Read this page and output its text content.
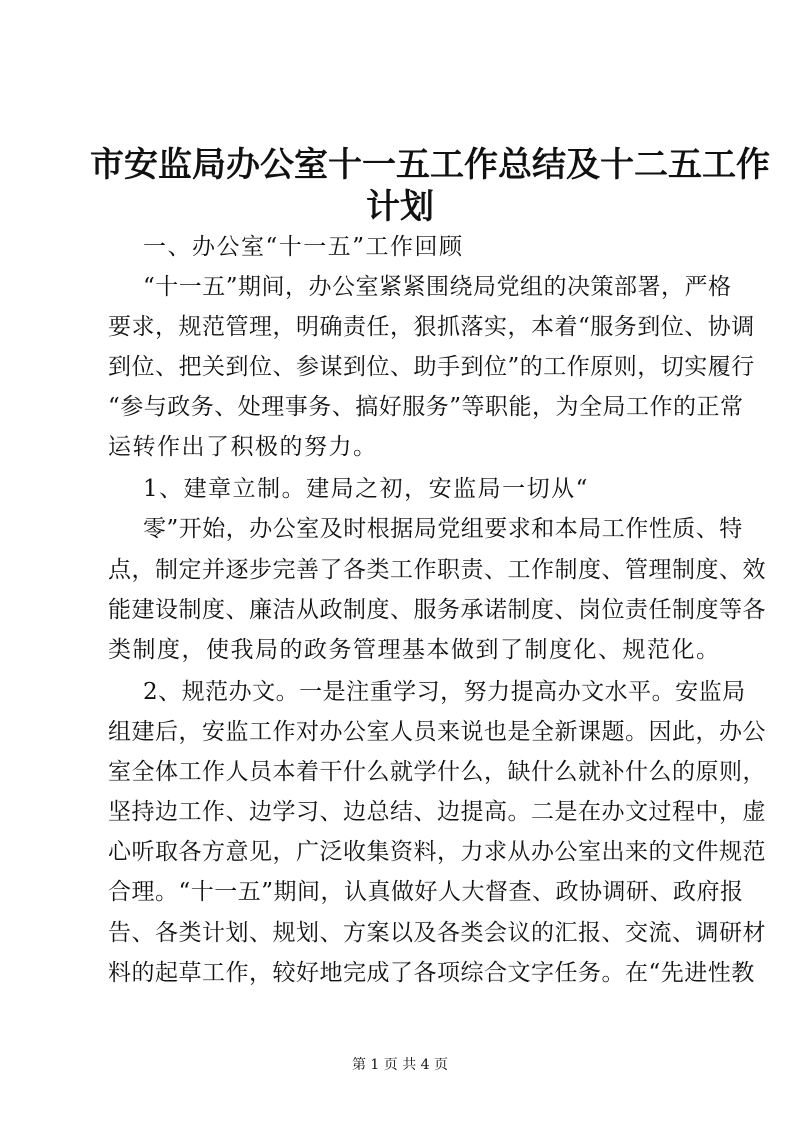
市安监局办公室十一五工作总结及十二五工作
计划

一、办公室“十一五”工作回顾

“十一五”期间，办公室紧紧围绕局党组的决策部署，严格

要求，规范管理，明确责任，狠抓落实，本着“服务到位、协调

到位、把关到位、参谋到位、助手到位”的工作原则，切实履行

“参与政务、处理事务、搞好服务”等职能，为全局工作的正常

运转作出了积极的努力。

1、建章立制。建局之初，安监局一切从“

零”开始，办公室及时根据局党组要求和本局工作性质、特

点，制定并逐步完善了各类工作职责、工作制度、管理制度、效

能建设制度、廉洁从政制度、服务承诺制度、岗位责任制度等各

类制度，使我局的政务管理基本做到了制度化、规范化。

2、规范办文。一是注重学习，努力提高办文水平。安监局

组建后，安监工作对办公室人员来说也是全新课题。因此，办公

室全体工作人员本着干什么就学什么，缺什么就补什么的原则，

坚持边工作、边学习、边总结、边提高。二是在办文过程中，虚

心听取各方意见，广泛收集资料，力求从办公室出来的文件规范

合理。“十一五”期间，认真做好人大督查、政协调研、政府报

告、各类计划、规划、方案以及各类会议的汇报、交流、调研材

料的起草工作，较好地完成了各项综合文字任务。在“先进性教

第 1 页 共 4 页
